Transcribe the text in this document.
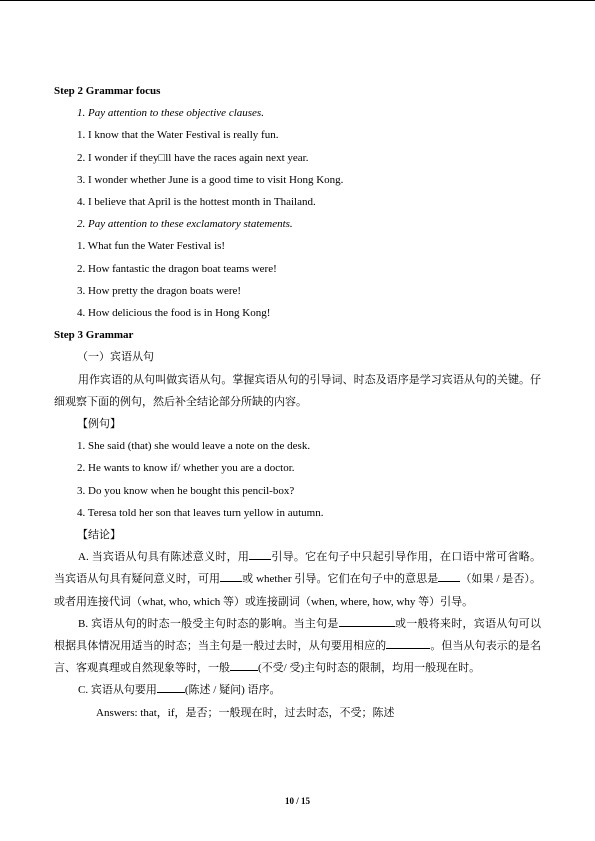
Step 2 Grammar focus
1. Pay attention to these objective clauses.
1. I know that the Water Festival is really fun.
2. I wonder if they□ll have the races again next year.
3. I wonder whether June is a good time to visit Hong Kong.
4. I believe that April is the hottest month in Thailand.
2. Pay attention to these exclamatory statements.
1. What fun the Water Festival is!
2. How fantastic the dragon boat teams were!
3. How pretty the dragon boats were!
4. How delicious the food is in Hong Kong!
Step 3 Grammar
（一）宾语从句
用作宾语的从句叫做宾语从句。掌握宾语从句的引导词、时态及语序是学习宾语从句的关键。仔细观察下面的例句，然后补全结论部分所缺的内容。
【例句】
1. She said (that) she would leave a note on the desk.
2. He wants to know if/ whether you are a doctor.
3. Do you know when he bought this pencil-box?
4. Teresa told her son that leaves turn yellow in autumn.
【结论】
A. 当宾语从句具有陈述意义时，用 引导。它在句子中只起引导作用，在口语中常可省略。当宾语从句具有疑问意义时，可用 或 whether 引导。它们在句子中的意思是 （如果 / 是否）。或者用连接代词（what, who, which 等）或连接副词（when, where, how, why 等）引导。
B. 宾语从句的时态一般受主句时态的影响。当主句是	或一般将来时，宾语从句可以根据具体情况用适当的时态；当主句是一般过去时，从句要用相应的	。但当从句表示的是名言、客观真理或自然现象等时，一般	(不受/ 受)主句时态的限制，均用一般现在时。
C. 宾语从句要用	(陈述 / 疑问) 语序。
Answers: that，if，是否；一般现在时，过去时态，不受；陈述
10 / 15
